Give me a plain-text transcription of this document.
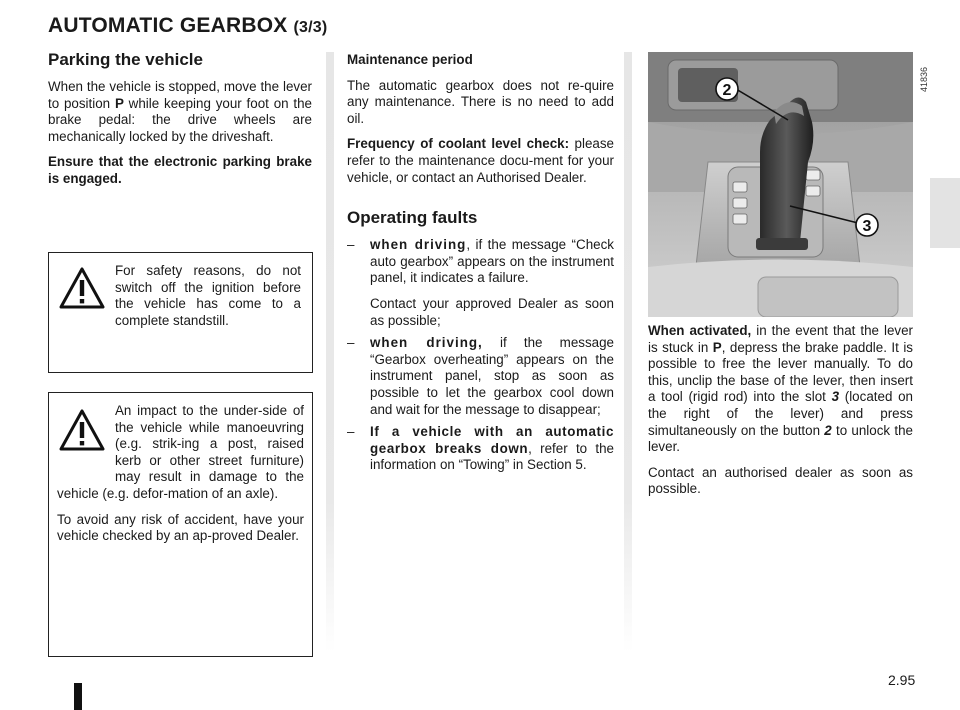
AUTOMATIC GEARBOX (3/3)
Parking the vehicle

When the vehicle is stopped, move the lever to position P while keeping your foot on the brake pedal: the drive wheels are mechanically locked by the driveshaft.

Ensure that the electronic parking brake is engaged.

For safety reasons, do not switch off the ignition before the vehicle has come to a complete standstill.

An impact to the under-side of the vehicle while manoeuvring (e.g. strik-ing a post, raised kerb or other street furniture) may result in damage to the vehicle (e.g. defor-mation of an axle).

To avoid any risk of accident, have your vehicle checked by an ap-proved Dealer.

Maintenance period

The automatic gearbox does not re-quire any maintenance. There is no need to add oil.

Frequency of coolant level check: please refer to the maintenance docu-ment for your vehicle, or contact an Authorised Dealer.

Operating faults
– when driving, if the message “Check auto gearbox” appears on the instrument panel, it indicates a failure.
Contact your approved Dealer as soon as possible;
– when driving, if the message “Gearbox overheating” appears on the instrument panel, stop as soon as possible to let the gearbox cool down and wait for the message to disappear;
– If a vehicle with an automatic gearbox breaks down, refer to the information on “Towing” in Section 5.
2
3
41836

When activated, in the event that the lever is stuck in P, depress the brake paddle. It is possible to free the lever manually. To do this, unclip the base of the lever, then insert a tool (rigid rod) into the slot 3 (located on the right of the lever) and press simultaneously on the button 2 to unlock the lever.

Contact an authorised dealer as soon as possible.

2.95
